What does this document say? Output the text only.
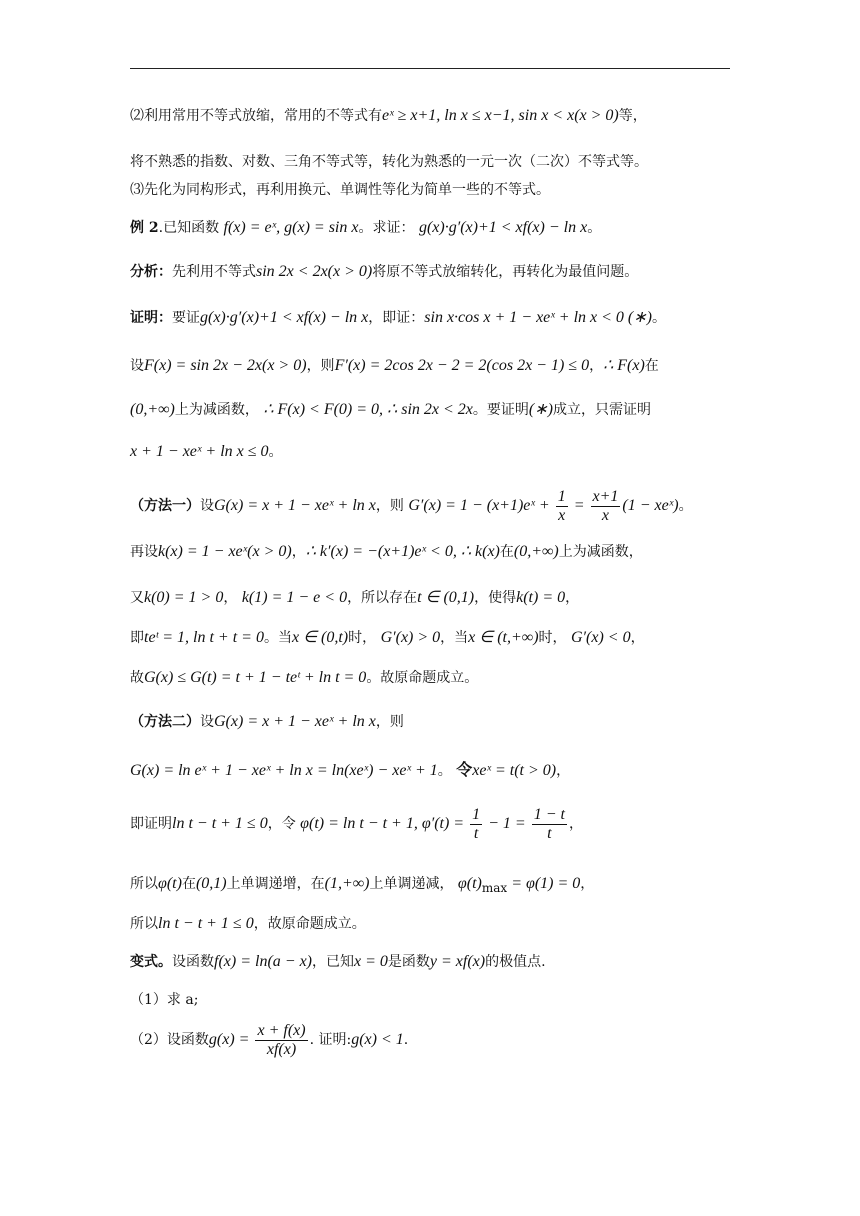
⑵利用常用不等式放缩，常用的不等式有eˣ ≥ x+1, ln x ≤ x−1, sin x < x(x > 0)等，
将不熟悉的指数、对数、三角不等式等，转化为熟悉的一元一次（二次）不等式等。
⑶先化为同构形式，再利用换元、单调性等化为简单一些的不等式。
例 2.已知函数 f(x) = eˣ, g(x) = sin x。求证： g(x)·g′(x)+1 < xf(x) − ln x。
分析：先利用不等式sin 2x < 2x(x > 0)将原不等式放缩转化，再转化为最值问题。
证明：要证g(x)·g′(x)+1 < xf(x) − ln x，即证：sin x·cos x + 1 − xeˣ + ln x < 0 (∗)。
设F(x) = sin 2x − 2x(x > 0)，则F′(x) = 2cos 2x − 2 = 2(cos 2x − 1) ≤ 0，∴ F(x)在
(0,+∞)上为减函数， ∴ F(x) < F(0) = 0, ∴ sin 2x < 2x。要证明(∗)成立，只需证明
x + 1 − xeˣ + ln x ≤ 0。
（方法一）设G(x) = x + 1 − xeˣ + ln x，则 G′(x) = 1 − (x+1)eˣ + $\frac{1}{x} = \frac{x+1}{x} (1$ − xeˣ)。
再设k(x) = 1 − xeˣ(x > 0)，∴ k′(x) = −(x+1)eˣ < 0, ∴ k(x)在(0,+∞)上为减函数，
又k(0) = 1 > 0， k(1) = 1 − e < 0，所以存在t ∈ (0,1)，使得k(t) = 0，
即teᵗ = 1, ln t + t = 0。当x ∈ (0,t)时， G′(x) > 0，当x ∈ (t,+∞)时， G′(x) < 0，
故G(x) ≤ G(t) = t + 1 − teᵗ + ln t = 0。故原命题成立。
（方法二）设G(x) = x + 1 − xeˣ + ln x，则
G(x) = ln eˣ + 1 − xeˣ + ln x = ln(xeˣ) − xeˣ + 1。 令xeˣ = t(t > 0)，
即证明ln t − t + 1 ≤ 0，令 φ(t) = ln t − t + 1, $\varphi'(t) = \frac{1}{t} - 1 = \frac{1 - t}{t}$ ，
所以φ(t)在(0,1)上单调递增，在(1,+∞)上单调递减， $\varphi(t)_{max} = \varphi(1) = 0$，
所以ln t − t + 1 ≤ 0，故原命题成立。
变式。设函数f(x) = ln(a − x)，已知x = 0是函数y = xf(x)的极值点.
（1）求 a;
（2）设函数$g(x) = \frac{x + f(x)}{xf(x)}$ . 证明:g(x) < 1.
